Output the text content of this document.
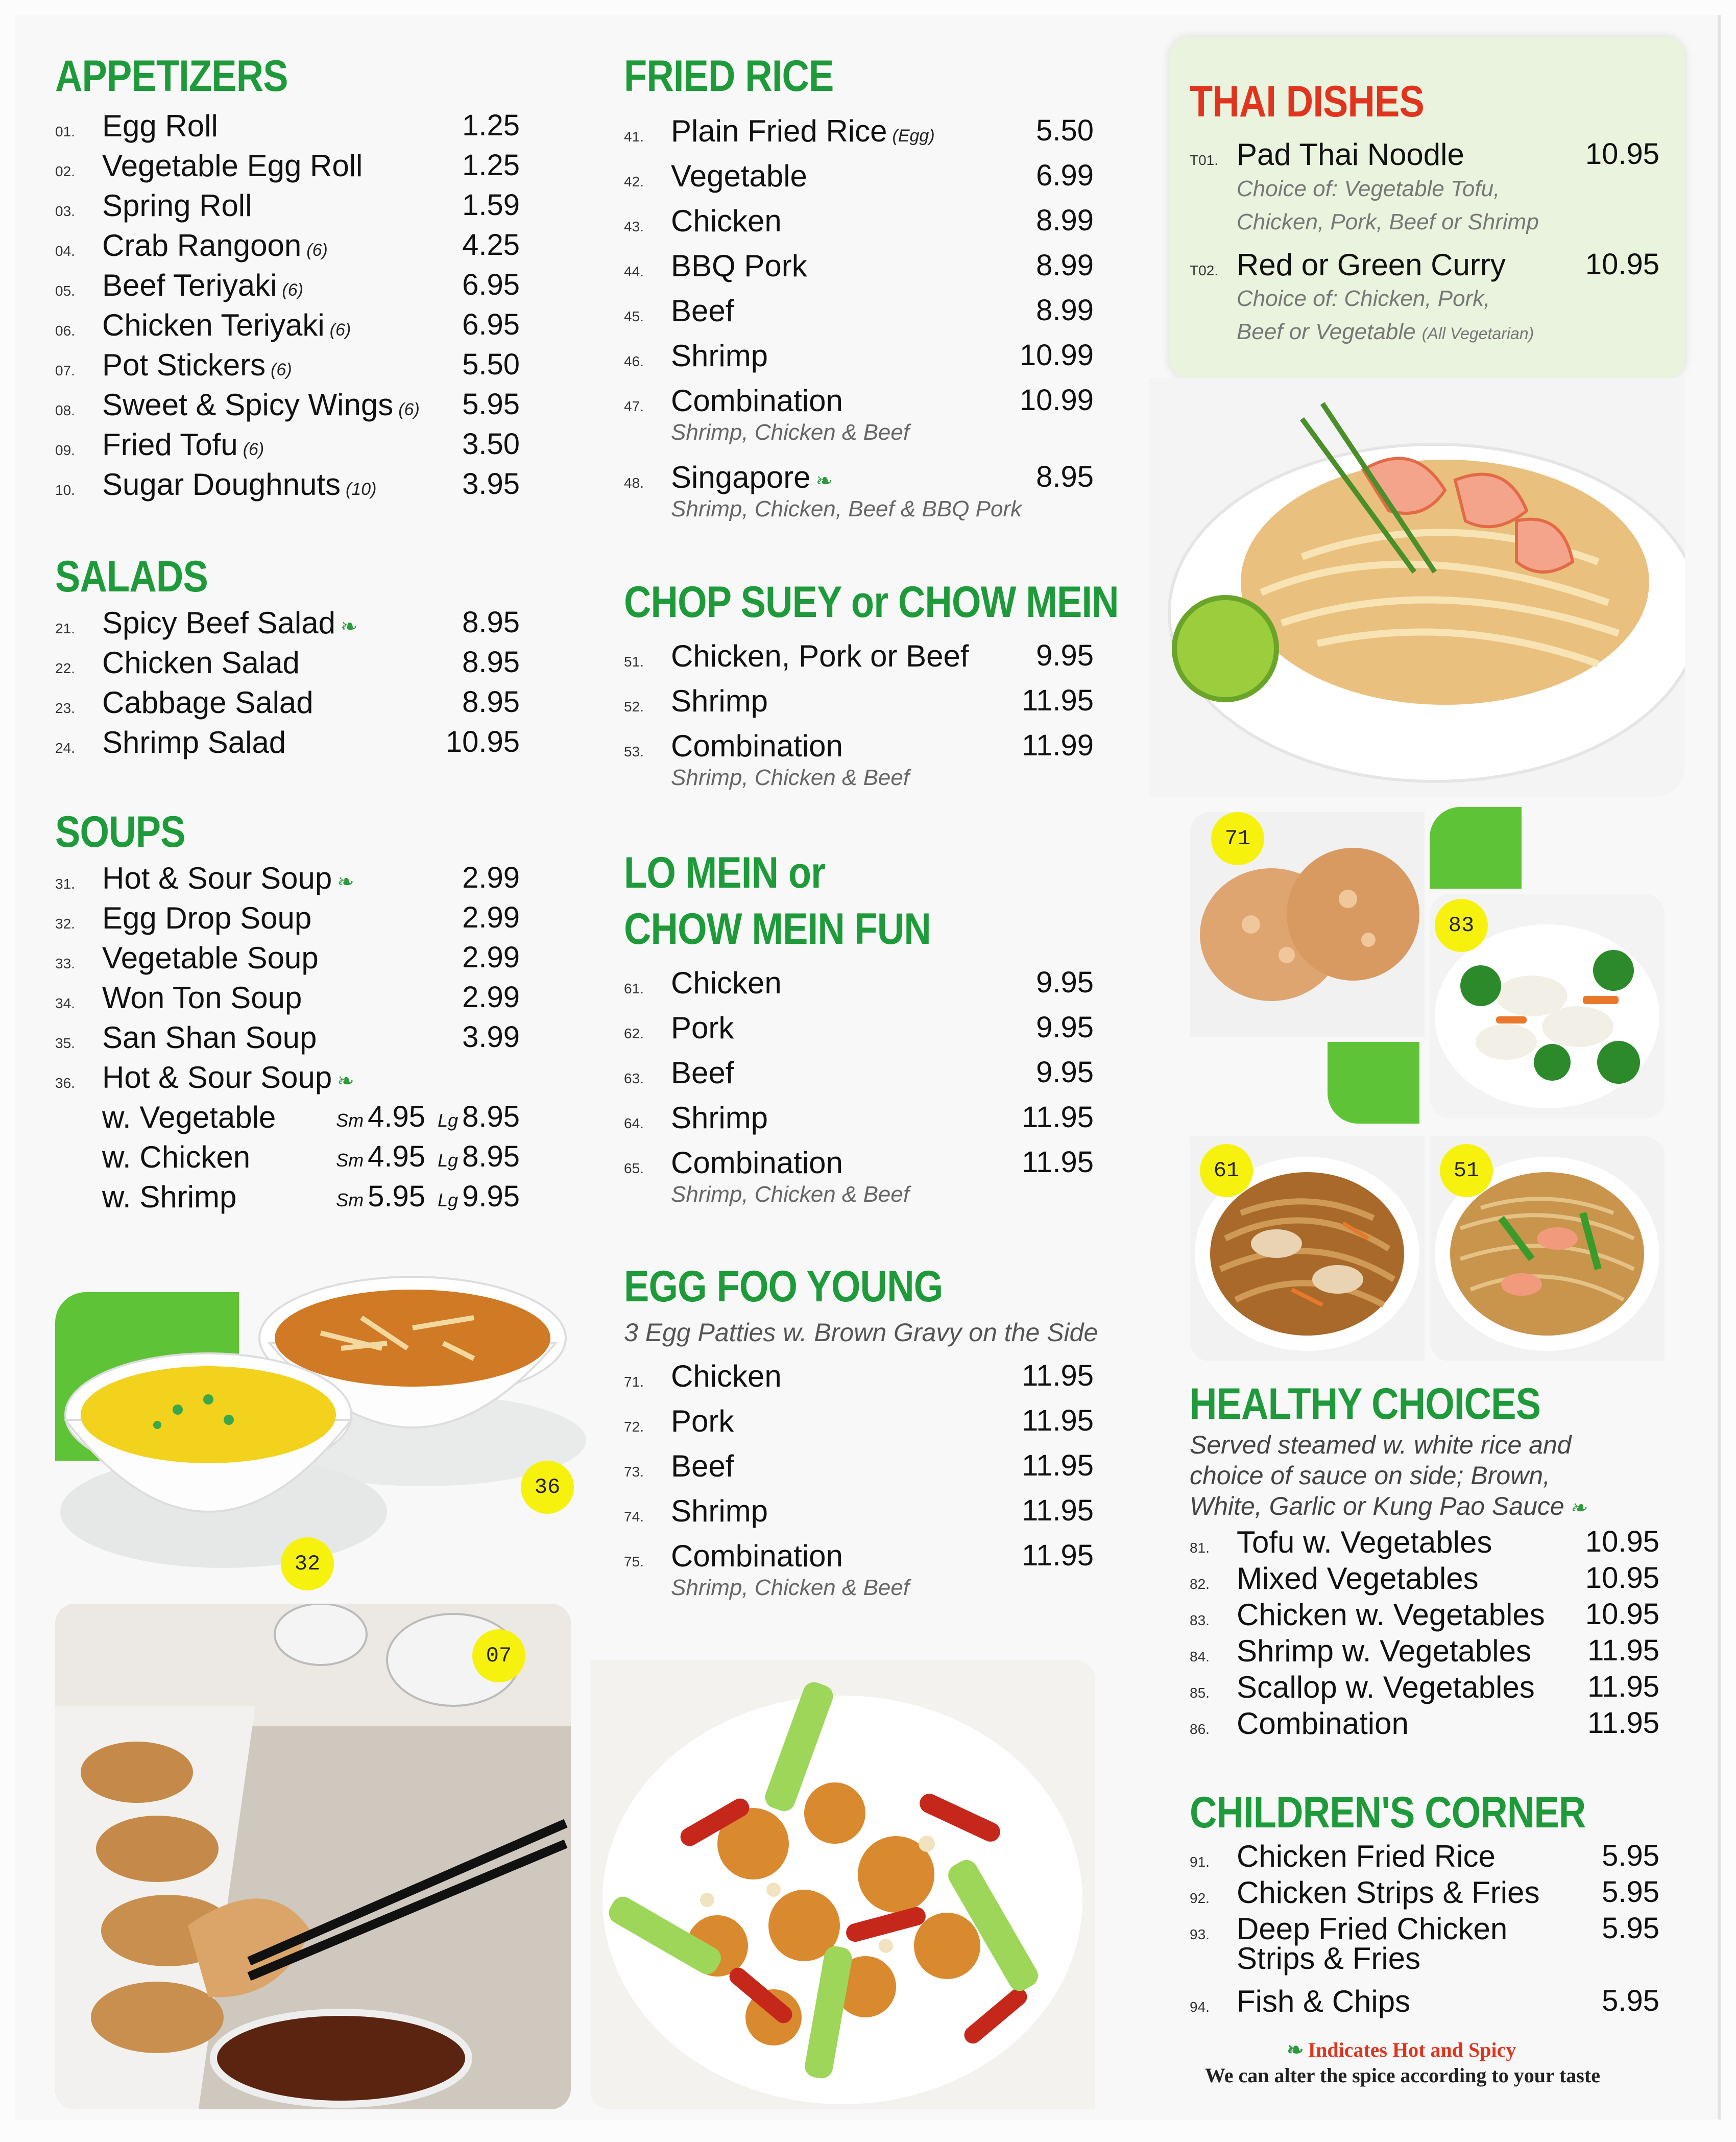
APPETIZERS
01. Egg Roll	1.25
02. Vegetable Egg Roll	1.25
03. Spring Roll	1.59
04. Crab Rangoon (6)	4.25
05. Beef Teriyaki (6)	6.95
06. Chicken Teriyaki (6)	6.95
07. Pot Stickers (6)	5.50
08. Sweet & Spicy Wings (6) 5.95
09. Fried Tofu (6)	3.50
10. Sugar Doughnuts (10)	3.95
SALADS
21. Spicy Beef Salad ❧	8.95
22. Chicken Salad	8.95
23. Cabbage Salad	8.95
24. Shrimp Salad	10.95
SOUPS
31. Hot & Sour Soup ❧	2.99
32. Egg Drop Soup	2.99
33. Vegetable Soup	2.99
34. Won Ton Soup	2.99
35. San Shan Soup	3.99
36. Hot & Sour Soup ❧
w. Vegetable	Sm 4.95 Lg 8.95
w. Chicken	Sm 4.95 Lg 8.95
w. Shrimp	Sm 5.95 Lg 9.95
36
32
07
FRIED RICE
41. Plain Fried Rice (Egg)	5.50
42. Vegetable	6.99
43. Chicken	8.99
44. BBQ Pork	8.99
45. Beef	8.99
46. Shrimp	10.99
47. Combination	10.99
Shrimp, Chicken & Beef
48. Singapore ❧	8.95
Shrimp, Chicken, Beef & BBQ Pork
CHOP SUEY or CHOW MEIN
51. Chicken, Pork or Beef 9.95
52. Shrimp	11.95
53. Combination	11.99
Shrimp, Chicken & Beef
LO MEIN or
CHOW MEIN FUN
61. Chicken	9.95
62. Pork	9.95
63. Beef	9.95
64. Shrimp	11.95
65. Combination	11.95
Shrimp, Chicken & Beef
EGG FOO YOUNG
3 Egg Patties w. Brown Gravy on the Side
71. Chicken	11.95
72. Pork	11.95
73. Beef	11.95
74. Shrimp	11.95
75. Combination	11.95
Shrimp, Chicken & Beef
THAI DISHES
T01. Pad Thai Noodle	10.95
Choice of: Vegetable Tofu,
Chicken, Pork, Beef or Shrimp
T02. Red or Green Curry	10.95
Choice of: Chicken, Pork,
Beef or Vegetable (All Vegetarian)
71
83
61	51
HEALTHY CHOICES
Served steamed w. white rice and
choice of sauce on side; Brown,
White, Garlic or Kung Pao Sauce ❧
81. Tofu w. Vegetables	10.95
82. Mixed Vegetables	10.95
83. Chicken w. Vegetables 10.95
84. Shrimp w. Vegetables 11.95
85. Scallop w. Vegetables 11.95
86. Combination	11.95
CHILDREN'S CORNER
91. Chicken Fried Rice	5.95
92. Chicken Strips & Fries 5.95
93. Deep Fried Chicken	5.95
Strips & Fries
94. Fish & Chips	5.95
❧ Indicates Hot and Spicy
We can alter the spice according to your taste
